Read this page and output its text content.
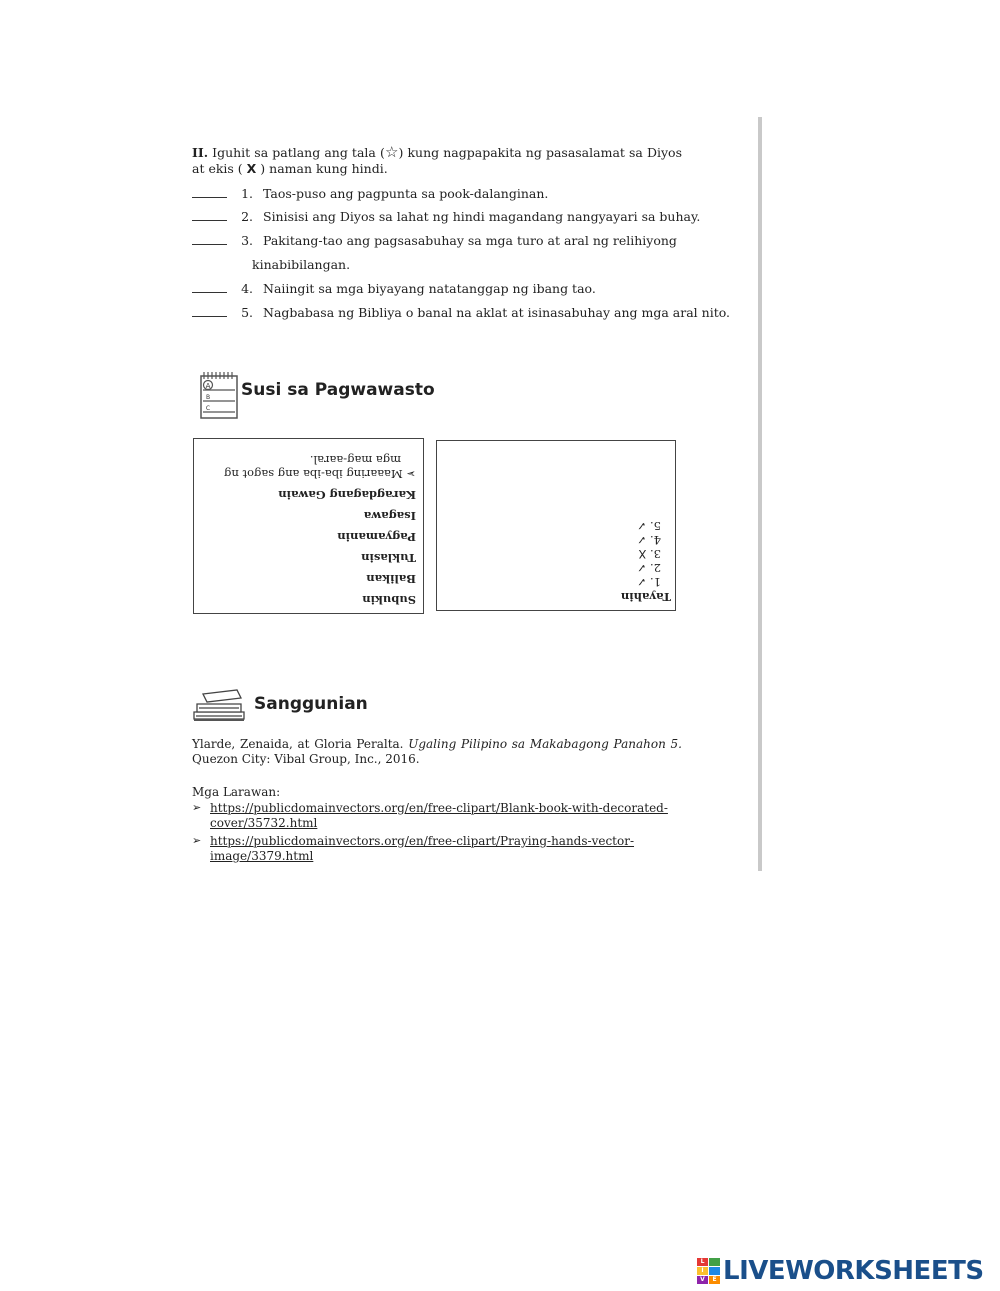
II. Iguhit sa patlang ang tala (☆) kung nagpapakita ng pasasalamat sa Diyos at ekis ( X ) naman kung hindi.
1. Taos-puso ang pagpunta sa pook-dalanginan.
2. Sinisisi ang Diyos sa lahat ng hindi magandang nangyayari sa buhay.
3. Pakitang-tao ang pagsasabuhay sa mga turo at aral ng relihiyong
kinabibilangan.
4. Naiingit sa mga biyayang natatanggap ng ibang tao.
5. Nagbabasa ng Bibliya o banal na aklat at isinasabuhay ang mga aral nito.
A
B
C
Susi sa Pagwawasto
Subukin
Balikan
Tuklasin
Pagyamanin
Isagawa
Karagdagang Gawain
➢ Maaaring iba-iba ang sagot ng
mga mag-aaral.
Tayahin
1. ✓
2. ✓
3. X
4. ✓
5. ✓
Sanggunian
Ylarde, Zenaida, at Gloria Peralta. Ugaling Pilipino sa Makabagong Panahon 5. Quezon City: Vibal Group, Inc., 2016.
Mga Larawan:
➢ https://publicdomainvectors.org/en/free-clipart/Blank-book-with-decorated-
cover/35732.html
➢ https://publicdomainvectors.org/en/free-clipart/Praying-hands-vector-
image/3379.html
L
I
V	E LIVEWORKSHEETS
